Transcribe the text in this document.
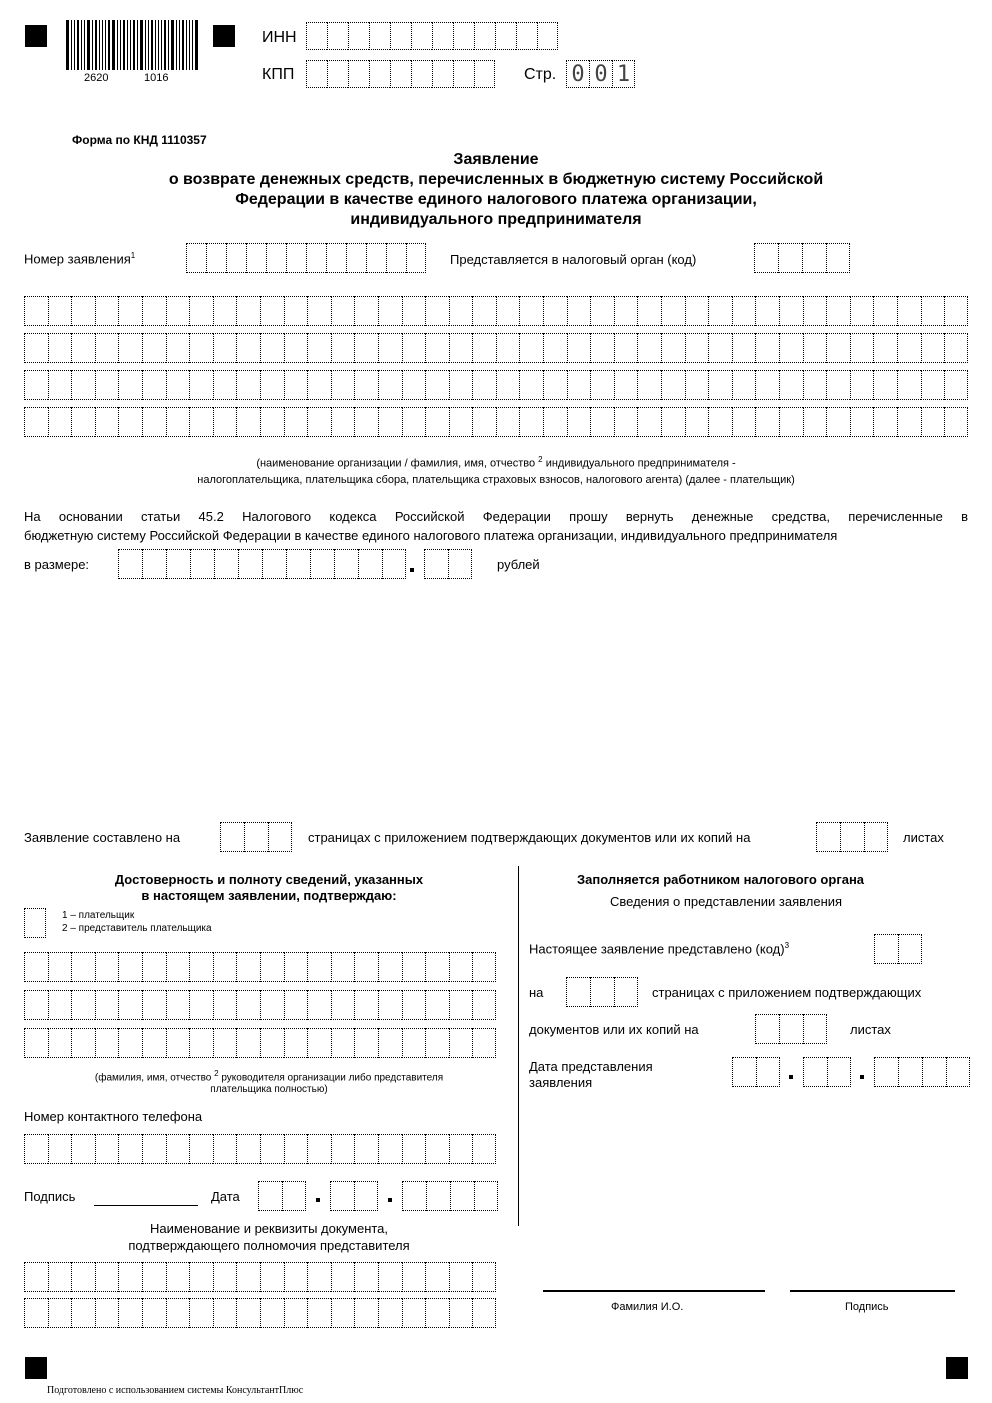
2620	1016
ИНН
КПП	Стр. 0 0 1
Форма по КНД 1110357
Заявление
о возврате денежных средств, перечисленных в бюджетную систему Российской
Федерации в качестве единого налогового платежа организации,
индивидуального предпринимателя
Номер заявления$^1$	Представляется в налоговый орган (код)
(наименование организации / фамилия, имя, отчество $^2$ индивидуального предпринимателя -
налогоплательщика, плательщика сбора, плательщика страховых взносов, налогового агента) (далее - плательщик)
На основании статьи 45.2 Налогового кодекса Российской Федерации прошу вернуть денежные средства, перечисленные в
бюджетную систему Российской Федерации в качестве единого налогового платежа организации, индивидуального предпринимателя
в размере:	рублей
Заявление составлено на	страницах с приложением подтверждающих документов или их копий на	листах
Достоверность и полноту сведений, указанных
в настоящем заявлении, подтверждаю:
1 – плательщик
2 – представитель плательщика
(фамилия, имя, отчество $^2$ руководителя организации либо представителя
плательщика полностью)
Номер контактного телефона
Подпись	Дата
Наименование и реквизиты документа,
подтверждающего полномочия представителя
Заполняется работником налогового органа
Сведения о представлении заявления
Настоящее заявление представлено (код)$^3$
на	страницах с приложением подтверждающих
документов или их копий на	листах
Дата представления
заявления
Фамилия И.О.	Подпись
Подготовлено с использованием системы КонсультантПлюс
